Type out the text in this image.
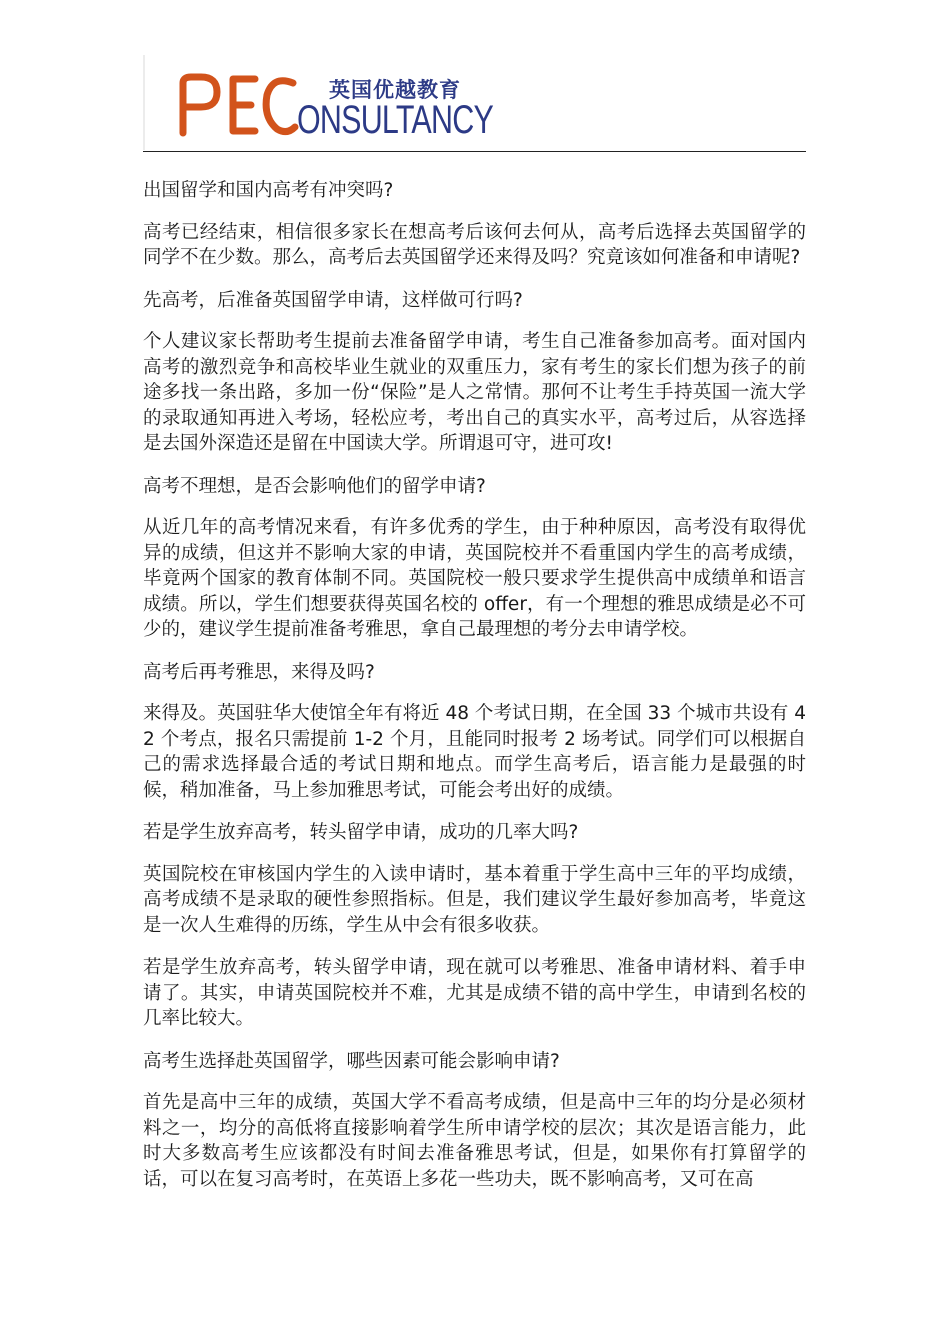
ONSULTANCY
英国优越教育

出国留学和国内高考有冲突吗?

高考已经结束，相信很多家长在想高考后该何去何从，高考后选择去英国留学的同学不在少数。那么，高考后去英国留学还来得及吗？究竟该如何准备和申请呢?

先高考，后准备英国留学申请，这样做可行吗?

个人建议家长帮助考生提前去准备留学申请，考生自己准备参加高考。面对国内高考的激烈竞争和高校毕业生就业的双重压力，家有考生的家长们想为孩子的前途多找一条出路，多加一份“保险”是人之常情。那何不让考生手持英国一流大学的录取通知再进入考场，轻松应考，考出自己的真实水平，高考过后，从容选择是去国外深造还是留在中国读大学。所谓退可守，进可攻!

高考不理想，是否会影响他们的留学申请?

从近几年的高考情况来看，有许多优秀的学生，由于种种原因，高考没有取得优异的成绩，但这并不影响大家的申请，英国院校并不看重国内学生的高考成绩，毕竟两个国家的教育体制不同。英国院校一般只要求学生提供高中成绩单和语言成绩。所以，学生们想要获得英国名校的 offer，有一个理想的雅思成绩是必不可少的，建议学生提前准备考雅思，拿自己最理想的考分去申请学校。

高考后再考雅思，来得及吗?

来得及。英国驻华大使馆全年有将近 48 个考试日期，在全国 33 个城市共设有 42 个考点，报名只需提前 1-2 个月，且能同时报考 2 场考试。同学们可以根据自己的需求选择最合适的考试日期和地点。而学生高考后，语言能力是最强的时候，稍加准备，马上参加雅思考试，可能会考出好的成绩。

若是学生放弃高考，转头留学申请，成功的几率大吗?

英国院校在审核国内学生的入读申请时，基本着重于学生高中三年的平均成绩，高考成绩不是录取的硬性参照指标。但是，我们建议学生最好参加高考，毕竟这是一次人生难得的历练，学生从中会有很多收获。

若是学生放弃高考，转头留学申请，现在就可以考雅思、准备申请材料、着手申请了。其实，申请英国院校并不难，尤其是成绩不错的高中学生，申请到名校的几率比较大。

高考生选择赴英国留学，哪些因素可能会影响申请?

首先是高中三年的成绩，英国大学不看高考成绩，但是高中三年的均分是必须材料之一，均分的高低将直接影响着学生所申请学校的层次；其次是语言能力，此时大多数高考生应该都没有时间去准备雅思考试，但是，如果你有打算留学的话，可以在复习高考时，在英语上多花一些功夫，既不影响高考，又可在高
